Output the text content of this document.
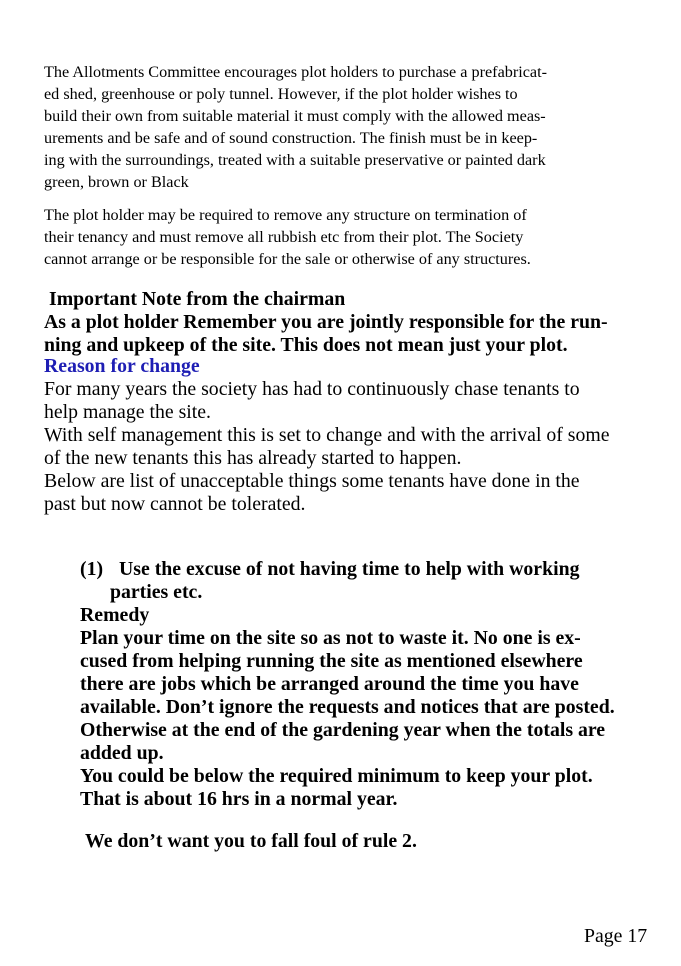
The Allotments Committee encourages plot holders to purchase a prefabricat-
ed shed, greenhouse or poly tunnel. However, if the plot holder wishes to
build their own from suitable material it must comply with the allowed meas-
urements and be safe and of sound construction. The finish must be in keep-
ing with the surroundings, treated with a suitable preservative or painted dark
green, brown or Black
The plot holder may be required to remove any structure on termination of
their tenancy and must remove all rubbish etc from their plot. The Society
cannot arrange or be responsible for the sale or otherwise of any structures.
Important Note from the chairman
As a plot holder Remember you are jointly responsible for the run-
ning and upkeep of the site. This does not mean just your plot.
Reason for change
For many years the society has had to continuously chase tenants to
help manage the site.
With self management this is set to change and with the arrival of some
of the new tenants this has already started to happen.
Below are list of unacceptable things some tenants have done in the
past but now cannot be tolerated.
(1) Use the excuse of not having time to help with working
parties etc.
Remedy
Plan your time on the site so as not to waste it. No one is ex-
cused from helping running the site as mentioned elsewhere
there are jobs which be arranged around the time you have
available. Don’t ignore the requests and notices that are posted.
Otherwise at the end of the gardening year when the totals are
added up.
You could be below the required minimum to keep your plot.
That is about 16 hrs in a normal year.
We don’t want you to fall foul of rule 2.
Page 17
